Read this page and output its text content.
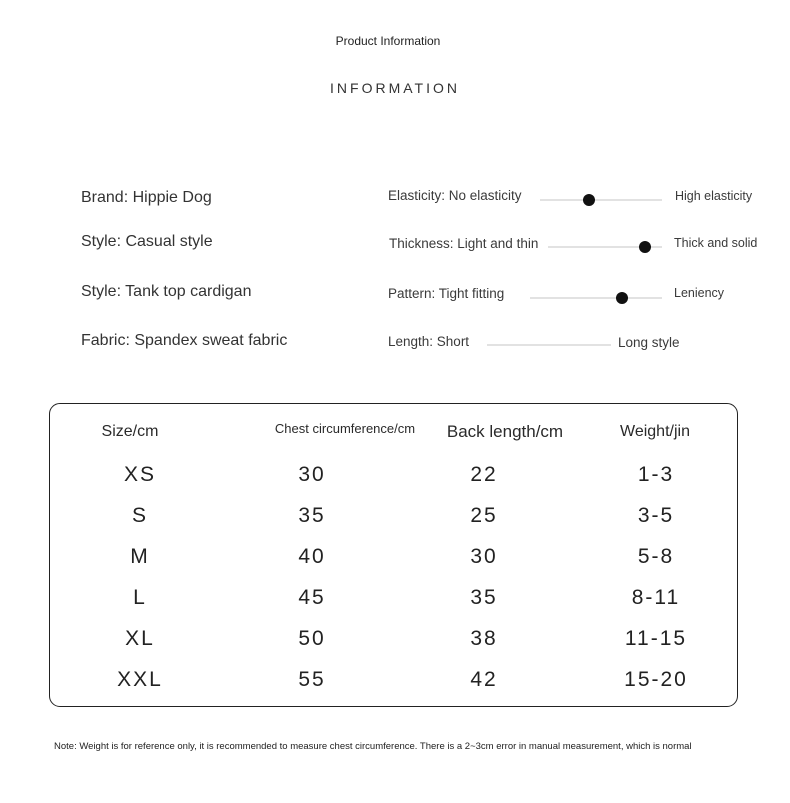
Product Information
INFORMATION
Brand: Hippie Dog
Style: Casual style
Style: Tank top cardigan
Fabric: Spandex sweat fabric
Elasticity: No elasticity	High elasticity
Thickness: Light and thin	Thick and solid
Pattern: Tight fitting	Leniency
Length: Short	Long style
Size/cm	Chest circumference/cm	Back length/cm	Weight/jin
XS	30	22	1-3
S	35	25	3-5
M	40	30	5-8
L	45	35	8-11
XL	50	38	11-15
XXL	55	42	15-20
Note: Weight is for reference only, it is recommended to measure chest circumference. There is a 2~3cm error in manual measurement, which is normal
